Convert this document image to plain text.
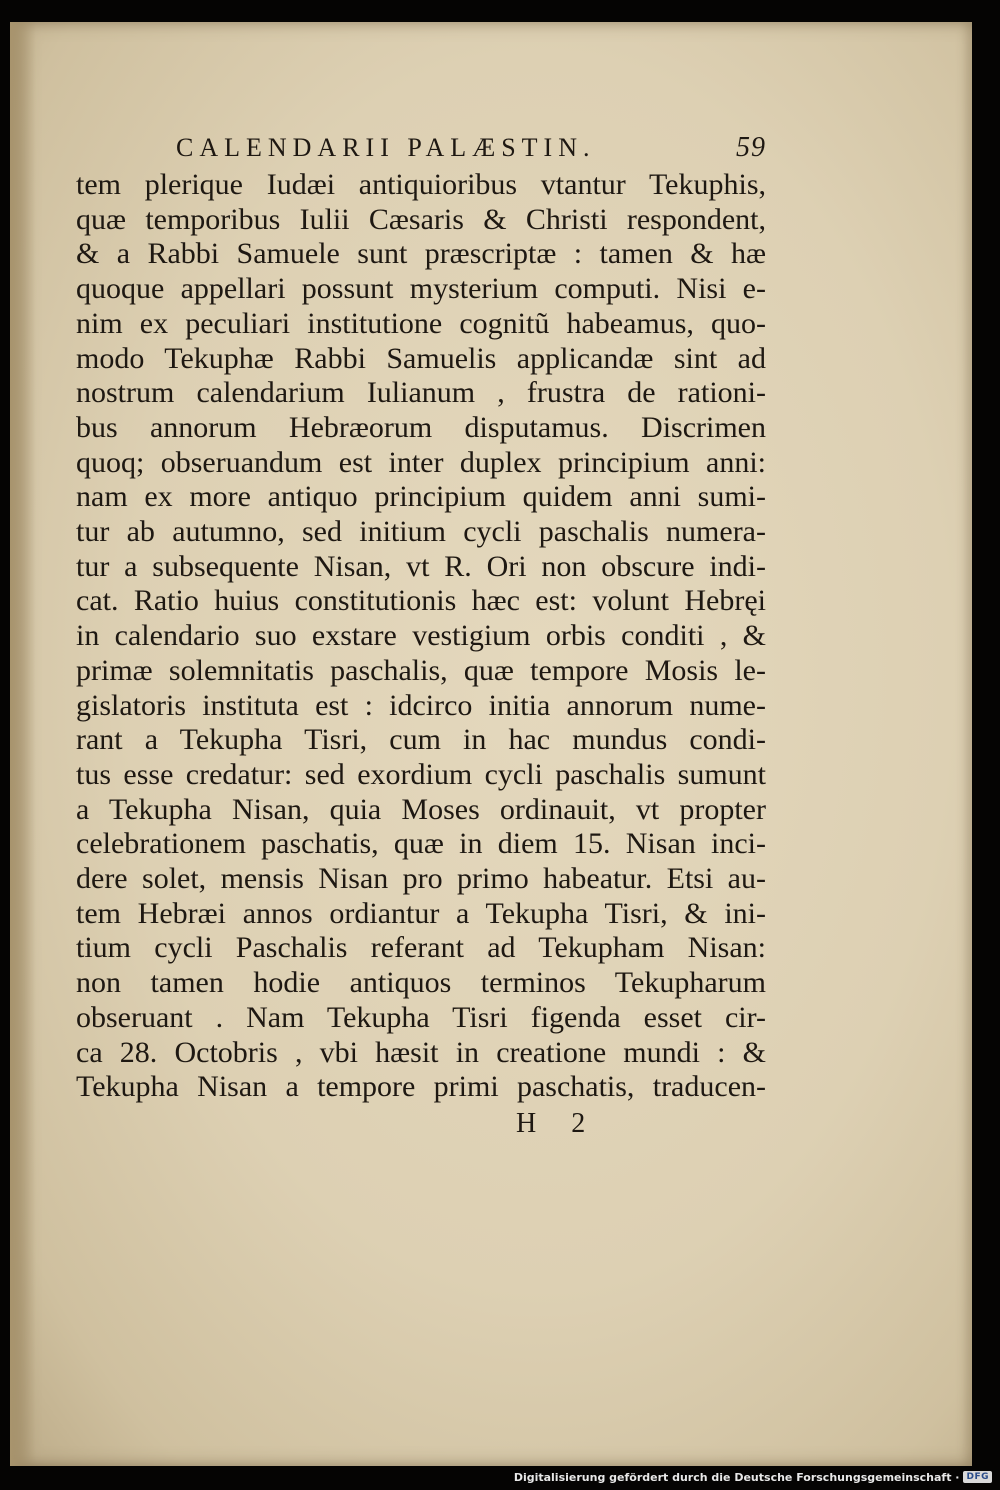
CALENDARII PALÆSTIN.	59
tem plerique Iudæi antiquioribus vtantur Tekuphis,
quæ temporibus Iulii Cæsaris & Christi respondent,
& a Rabbi Samuele sunt præscriptæ : tamen & hæ
quoque appellari possunt mysterium computi. Nisi e-
nim ex peculiari institutione cognitũ habeamus, quo-
modo Tekuphæ Rabbi Samuelis applicandæ sint ad
nostrum calendarium Iulianum , frustra de rationi-
bus annorum Hebræorum disputamus. Discrimen
quoq; obseruandum est inter duplex principium anni:
nam ex more antiquo principium quidem anni sumi-
tur ab autumno, sed initium cycli paschalis numera-
tur a subsequente Nisan, vt R. Ori non obscure indi-
cat. Ratio huius constitutionis hæc est: volunt Hebręi
in calendario suo exstare vestigium orbis conditi , &
primæ solemnitatis paschalis, quæ tempore Mosis le-
gislatoris instituta est : idcirco initia annorum nume-
rant a Tekupha Tisri, cum in hac mundus condi-
tus esse credatur: sed exordium cycli paschalis sumunt
a Tekupha Nisan, quia Moses ordinauit, vt propter
celebrationem paschatis, quæ in diem 15. Nisan inci-
dere solet, mensis Nisan pro primo habeatur. Etsi au-
tem Hebræi annos ordiantur a Tekupha Tisri, & ini-
tium cycli Paschalis referant ad Tekupham Nisan:
non tamen hodie antiquos terminos Tekupharum
obseruant . Nam Tekupha Tisri figenda esset cir-
ca 28. Octobris , vbi hæsit in creatione mundi : &
Tekupha Nisan a tempore primi paschatis, traducen-
H 2
Digitalisierung gefördert durch die Deutsche Forschungsgemeinschaft · DFG
